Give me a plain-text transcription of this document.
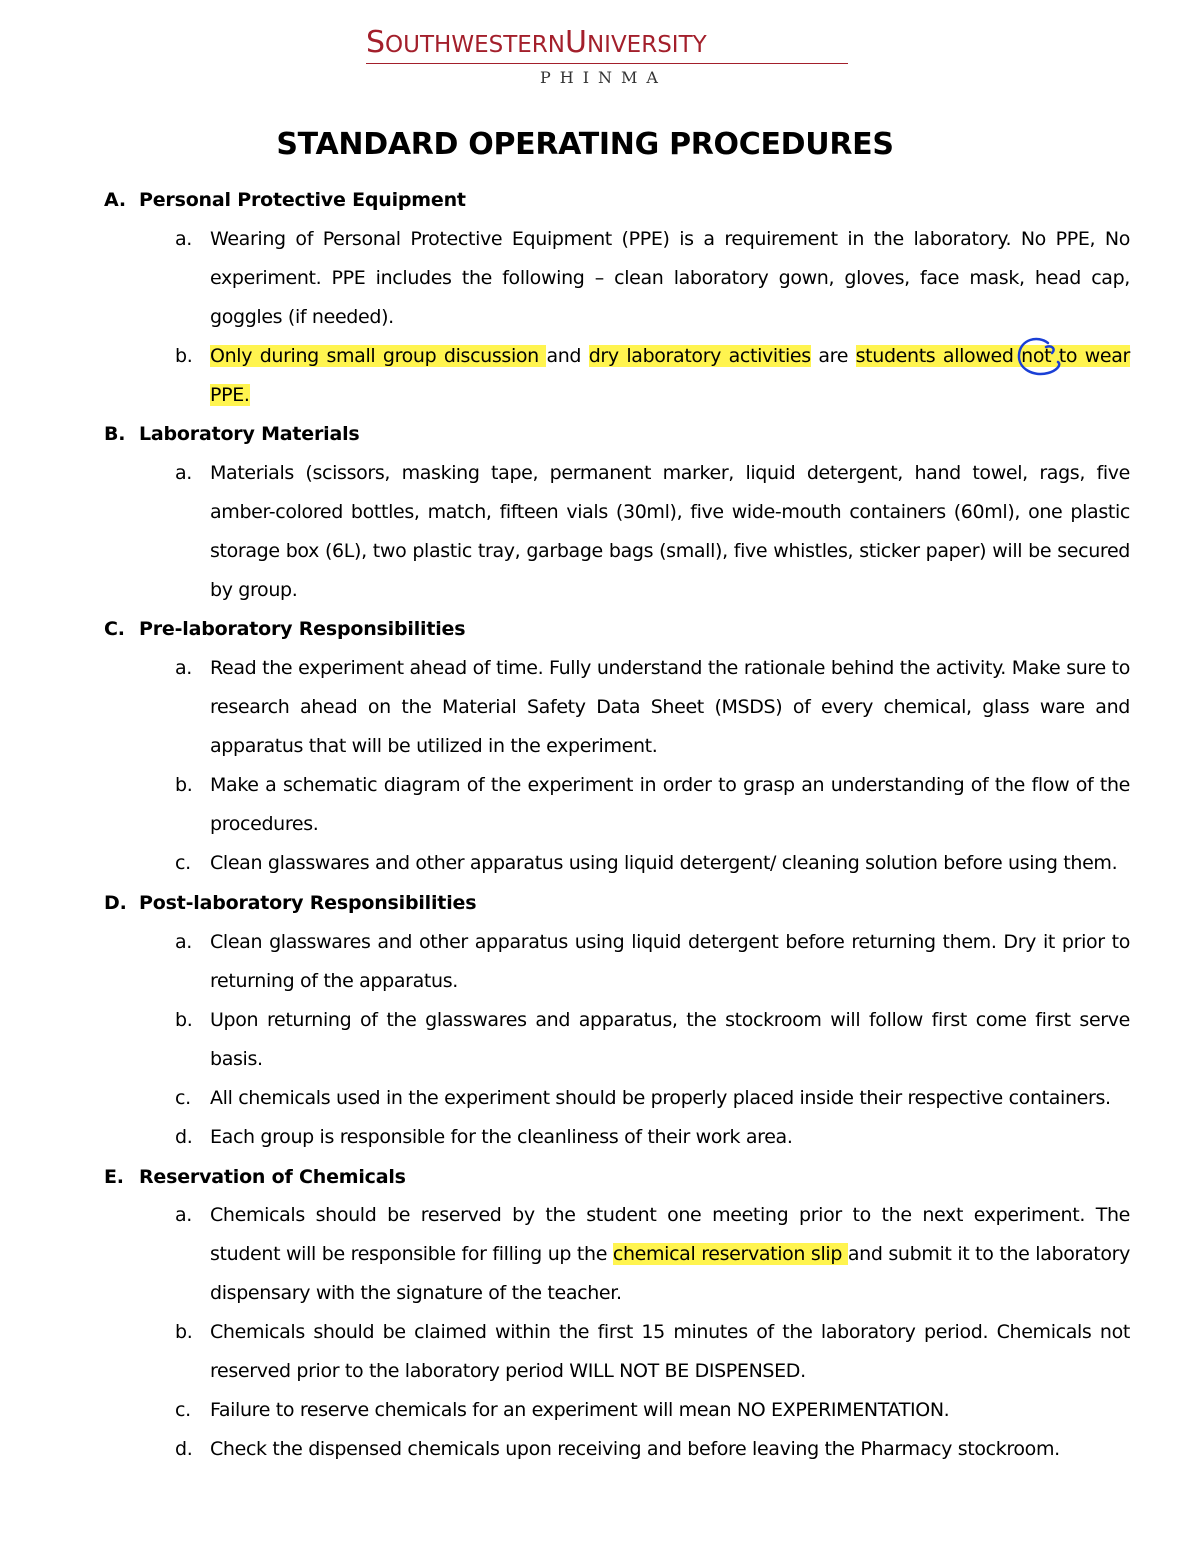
SOUTHWESTERNUNIVERSITY
PHINMA
STANDARD OPERATING PROCEDURES
A. Personal Protective Equipment
a. Wearing of Personal Protective Equipment (PPE) is a requirement in the laboratory. No PPE, No experiment. PPE includes the following – clean laboratory gown, gloves, face mask, head cap, goggles (if needed).
b. Only during small group discussion and dry laboratory activities are students allowed not to wear PPE.
B. Laboratory Materials
a. Materials (scissors, masking tape, permanent marker, liquid detergent, hand towel, rags, five amber-colored bottles, match, fifteen vials (30ml), five wide-mouth containers (60ml), one plastic storage box (6L), two plastic tray, garbage bags (small), five whistles, sticker paper) will be secured by group.
C. Pre-laboratory Responsibilities
a. Read the experiment ahead of time. Fully understand the rationale behind the activity. Make sure to research ahead on the Material Safety Data Sheet (MSDS) of every chemical, glass ware and apparatus that will be utilized in the experiment.
b. Make a schematic diagram of the experiment in order to grasp an understanding of the flow of the procedures.
c. Clean glasswares and other apparatus using liquid detergent/ cleaning solution before using them.
D. Post-laboratory Responsibilities
a. Clean glasswares and other apparatus using liquid detergent before returning them. Dry it prior to returning of the apparatus.
b. Upon returning of the glasswares and apparatus, the stockroom will follow first come first serve basis.
c. All chemicals used in the experiment should be properly placed inside their respective containers.
d. Each group is responsible for the cleanliness of their work area.
E. Reservation of Chemicals
a. Chemicals should be reserved by the student one meeting prior to the next experiment. The student will be responsible for filling up the chemical reservation slip and submit it to the laboratory dispensary with the signature of the teacher.
b. Chemicals should be claimed within the first 15 minutes of the laboratory period. Chemicals not reserved prior to the laboratory period WILL NOT BE DISPENSED.
c. Failure to reserve chemicals for an experiment will mean NO EXPERIMENTATION.
d. Check the dispensed chemicals upon receiving and before leaving the Pharmacy stockroom.
